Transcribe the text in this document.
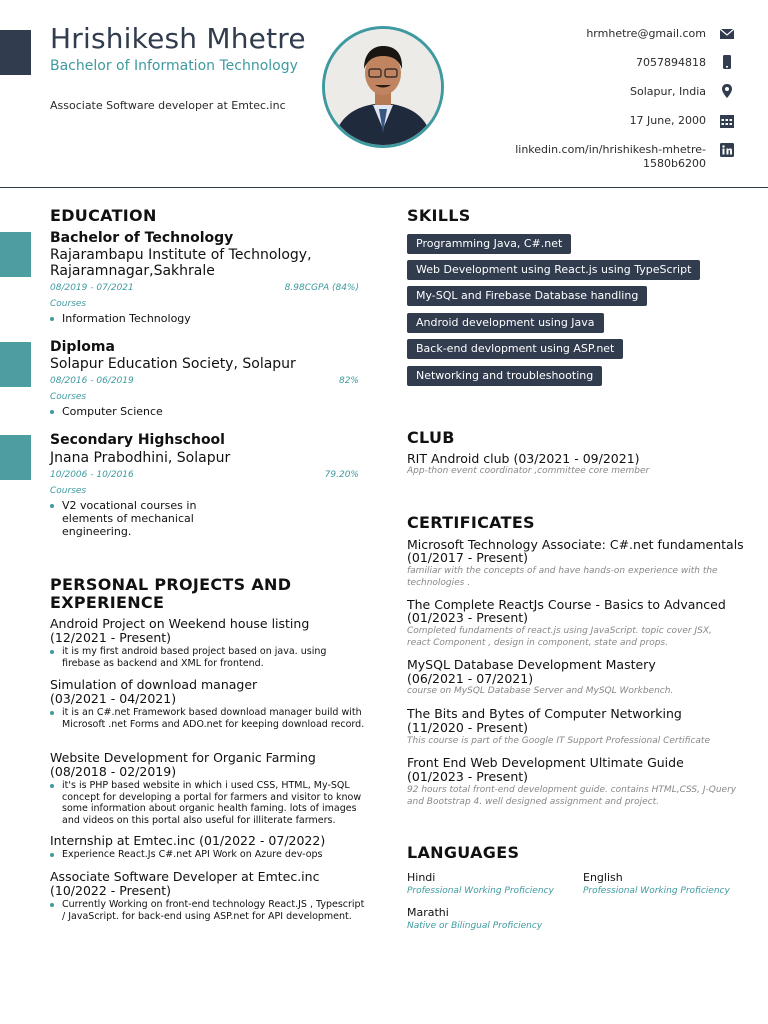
Hrishikesh Mhetre
Bachelor of Information Technology
Associate Software developer at Emtec.inc
hrmhetre@gmail.com
7057894818
Solapur, India
17 June, 2000
linkedin.com/in/hrishikesh-mhetre-
1580b6200
EDUCATION
Bachelor of Technology
Rajarambapu Institute of Technology, Rajaramnagar,Sakhrale
08/2019 - 07/2021	8.98CGPA (84%)
Courses
Information Technology
Diploma
Solapur Education Society, Solapur
08/2016 - 06/2019	82%
Courses
Computer Science
Secondary Highschool
Jnana Prabodhini, Solapur
10/2006 - 10/2016	79.20%
Courses
V2 vocational courses in elements of mechanical engineering.
PERSONAL PROJECTS AND EXPERIENCE
Android Project on Weekend house listing
(12/2021 - Present)
it is my first android based project based on java. using firebase as backend and XML for frontend.
Simulation of download manager
(03/2021 - 04/2021)
it is an C#.net Framework based download manager build with Microsoft .net Forms and ADO.net for keeping download record.
Website Development for Organic Farming
(08/2018 - 02/2019)
it's is PHP based website in which i used CSS, HTML, My-SQL concept for developing a portal for farmers and visitor to know some information about organic health faming. lots of images and videos on this portal also useful for illiterate farmers.
Internship at Emtec.inc (01/2022 - 07/2022)
Experience React.Js C#.net API Work on Azure dev-ops
Associate Software Developer at Emtec.inc
(10/2022 - Present)
Currently Working on front-end technology React.JS , Typescript / JavaScript. for back-end using ASP.net for API development.
SKILLS
Programming Java, C#.net
Web Development using React.js using TypeScript
My-SQL and Firebase Database handling
Android development using Java
Back-end devlopment using ASP.net
Networking and troubleshooting
CLUB
RIT Android club (03/2021 - 09/2021)
App-thon event coordinator ,committee core member
CERTIFICATES
Microsoft Technology Associate: C#.net fundamentals
(01/2017 - Present)
familiar with the concepts of and have hands-on experience with the technologies .
The Complete ReactJs Course - Basics to Advanced
(01/2023 - Present)
Completed fundaments of react.js using JavaScript. topic cover JSX, react Component , design in component, state and props.
MySQL Database Development Mastery
(06/2021 - 07/2021)
course on MySQL Database Server and MySQL Workbench.
The Bits and Bytes of Computer Networking
(11/2020 - Present)
This course is part of the Google IT Support Professional Certificate
Front End Web Development Ultimate Guide
(01/2023 - Present)
92 hours total front-end development guide. contains HTML,CSS, J-Query and Bootstrap 4. well designed assignment and project.
LANGUAGES
Hindi
Professional Working Proficiency
English
Professional Working Proficiency
Marathi
Native or Bilingual Proficiency
